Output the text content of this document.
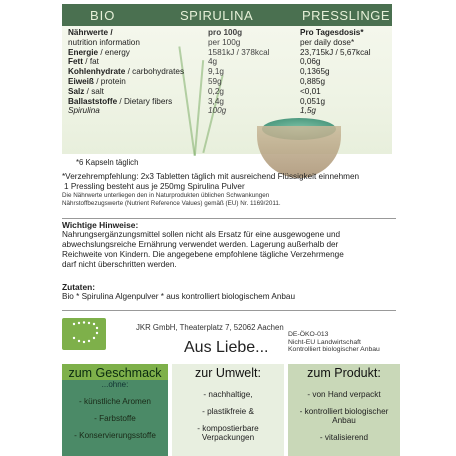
BIO	SPIRULINA	PRESSLINGE
Nährwerte /	pro 100g	Pro Tagesdosis*
nutrition information	per 100g	per daily dose*
Energie / energy	1581kJ / 378kcal	23,715kJ / 5,67kcal
Fett / fat	4g	0,06g
Kohlenhydrate / carbohydrates	9,1g	0,1365g
Eiweiß / protein	59g	0,885g
Salz / salt	0,2g	<0,01
Ballaststoffe / Dietary fibers	3,4g	0,051g
Spirulina	100g	1,5g
*6 Kapseln täglich
*Verzehrempfehlung: 2x3 Tabletten täglich mit ausreichend Flüssigkeit einnehmen
1 Pressling besteht aus je 250mg Spirulina Pulver
Die Nährwerte unterliegen den in Naturprodukten üblichen Schwankungen
Nährstoffbezugswerte (Nutrient Reference Values) gemäß (EU) Nr. 1169/2011.
Wichtige Hinweise:
Nahrungsergänzungsmittel sollen nicht als Ersatz für eine ausgewogene und
abwechslungsreiche Ernährung verwendet werden. Lagerung außerhalb der
Reichweite von Kindern. Die angegebene empfohlene tägliche Verzehrmenge
darf nicht überschritten werden.
Zutaten:
Bio * Spirulina Algenpulver * aus kontrolliert biologischem Anbau
JKR GmbH, Theaterplatz 7, 52062 Aachen
Aus Liebe...
DE-ÖKO-013
Nicht-EU Landwirtschaft
Kontrolliert biologischer Anbau
zum Geschmack
...ohne:
- künstliche Aromen
- Farbstoffe
- Konservierungsstoffe
zur Umwelt:
- nachhaltige,
- plastikfreie &
- kompostierbare Verpackungen
zum Produkt:
- von Hand verpackt
- kontrolliert biologischer Anbau
- vitalisierend
